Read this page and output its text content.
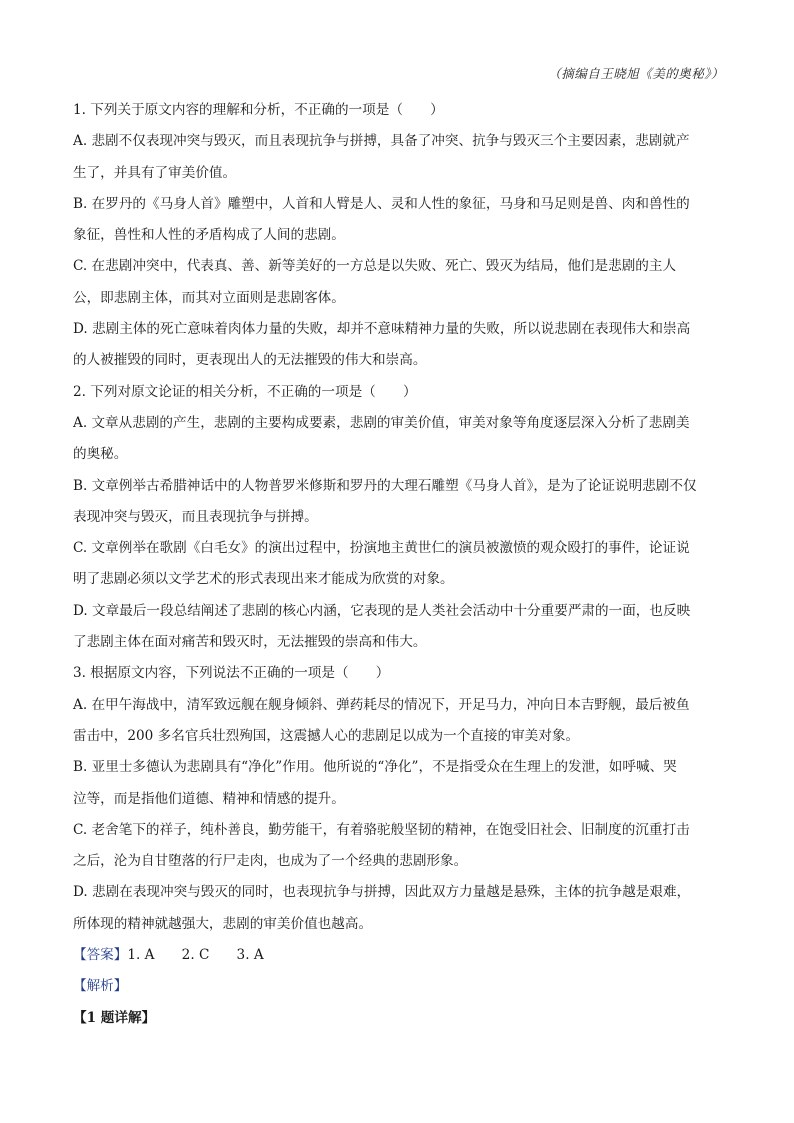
（摘编自王晓旭《美的奥秘》）
1. 下列关于原文内容的理解和分析，不正确的一项是（　　）
A. 悲剧不仅表现冲突与毁灭，而且表现抗争与拼搏，具备了冲突、抗争与毁灭三个主要因素，悲剧就产
生了，并具有了审美价值。
B. 在罗丹的《马身人首》雕塑中，人首和人臂是人、灵和人性的象征，马身和马足则是兽、肉和兽性的
象征，兽性和人性的矛盾构成了人间的悲剧。
C. 在悲剧冲突中，代表真、善、新等美好的一方总是以失败、死亡、毁灭为结局，他们是悲剧的主人
公，即悲剧主体，而其对立面则是悲剧客体。
D. 悲剧主体的死亡意味着肉体力量的失败，却并不意味精神力量的失败，所以说悲剧在表现伟大和崇高
的人被摧毁的同时，更表现出人的无法摧毁的伟大和崇高。
2. 下列对原文论证的相关分析，不正确的一项是（　　）
A. 文章从悲剧的产生，悲剧的主要构成要素，悲剧的审美价值，审美对象等角度逐层深入分析了悲剧美
的奥秘。
B. 文章例举古希腊神话中的人物普罗米修斯和罗丹的大理石雕塑《马身人首》，是为了论证说明悲剧不仅
表现冲突与毁灭，而且表现抗争与拼搏。
C. 文章例举在歌剧《白毛女》的演出过程中，扮演地主黄世仁的演员被激愤的观众殴打的事件，论证说
明了悲剧必须以文学艺术的形式表现出来才能成为欣赏的对象。
D. 文章最后一段总结阐述了悲剧的核心内涵，它表现的是人类社会活动中十分重要严肃的一面，也反映
了悲剧主体在面对痛苦和毁灭时，无法摧毁的崇高和伟大。
3. 根据原文内容，下列说法不正确的一项是（　　）
A. 在甲午海战中，清军致远舰在舰身倾斜、弹药耗尽的情况下，开足马力，冲向日本吉野舰，最后被鱼
雷击中，200 多名官兵壮烈殉国，这震撼人心的悲剧足以成为一个直接的审美对象。
B. 亚里士多德认为悲剧具有“净化”作用。他所说的“净化”，不是指受众在生理上的发泄，如呼喊、哭
泣等，而是指他们道德、精神和情感的提升。
C. 老舍笔下的祥子，纯朴善良，勤劳能干，有着骆驼般坚韧的精神，在饱受旧社会、旧制度的沉重打击
之后，沦为自甘堕落的行尸走肉，也成为了一个经典的悲剧形象。
D. 悲剧在表现冲突与毁灭的同时，也表现抗争与拼搏，因此双方力量越是悬殊，主体的抗争越是艰难，
所体现的精神就越强大，悲剧的审美价值也越高。
【答案】1. A　　2. C　　3. A
【解析】
【1 题详解】
